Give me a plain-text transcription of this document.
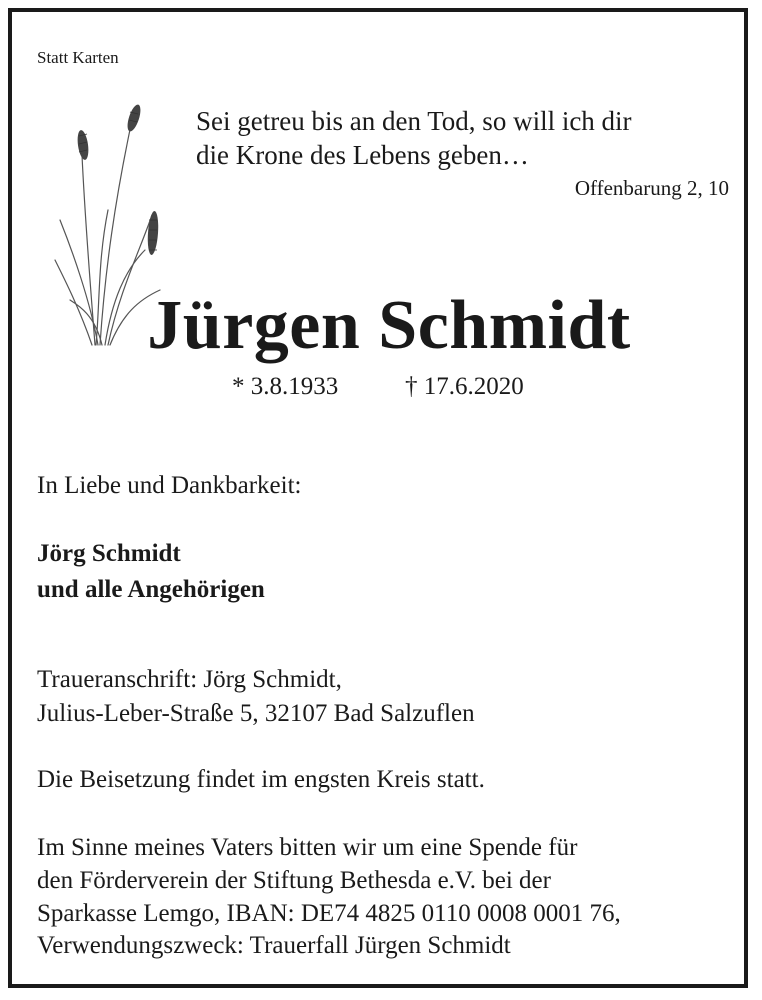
Statt Karten
Sei getreu bis an den Tod, so will ich dir
die Krone des Lebens geben…
Offenbarung 2, 10
Jürgen Schmidt
* 3.8.1933	† 17.6.2020
In Liebe und Dankbarkeit:
Jörg Schmidt
und alle Angehörigen
Traueranschrift: Jörg Schmidt,
Julius-Leber-Straße 5, 32107 Bad Salzuflen
Die Beisetzung findet im engsten Kreis statt.
Im Sinne meines Vaters bitten wir um eine Spende für
den Förderverein der Stiftung Bethesda e.V. bei der
Sparkasse Lemgo, IBAN: DE74 4825 0110 0008 0001 76,
Verwendungszweck: Trauerfall Jürgen Schmidt
